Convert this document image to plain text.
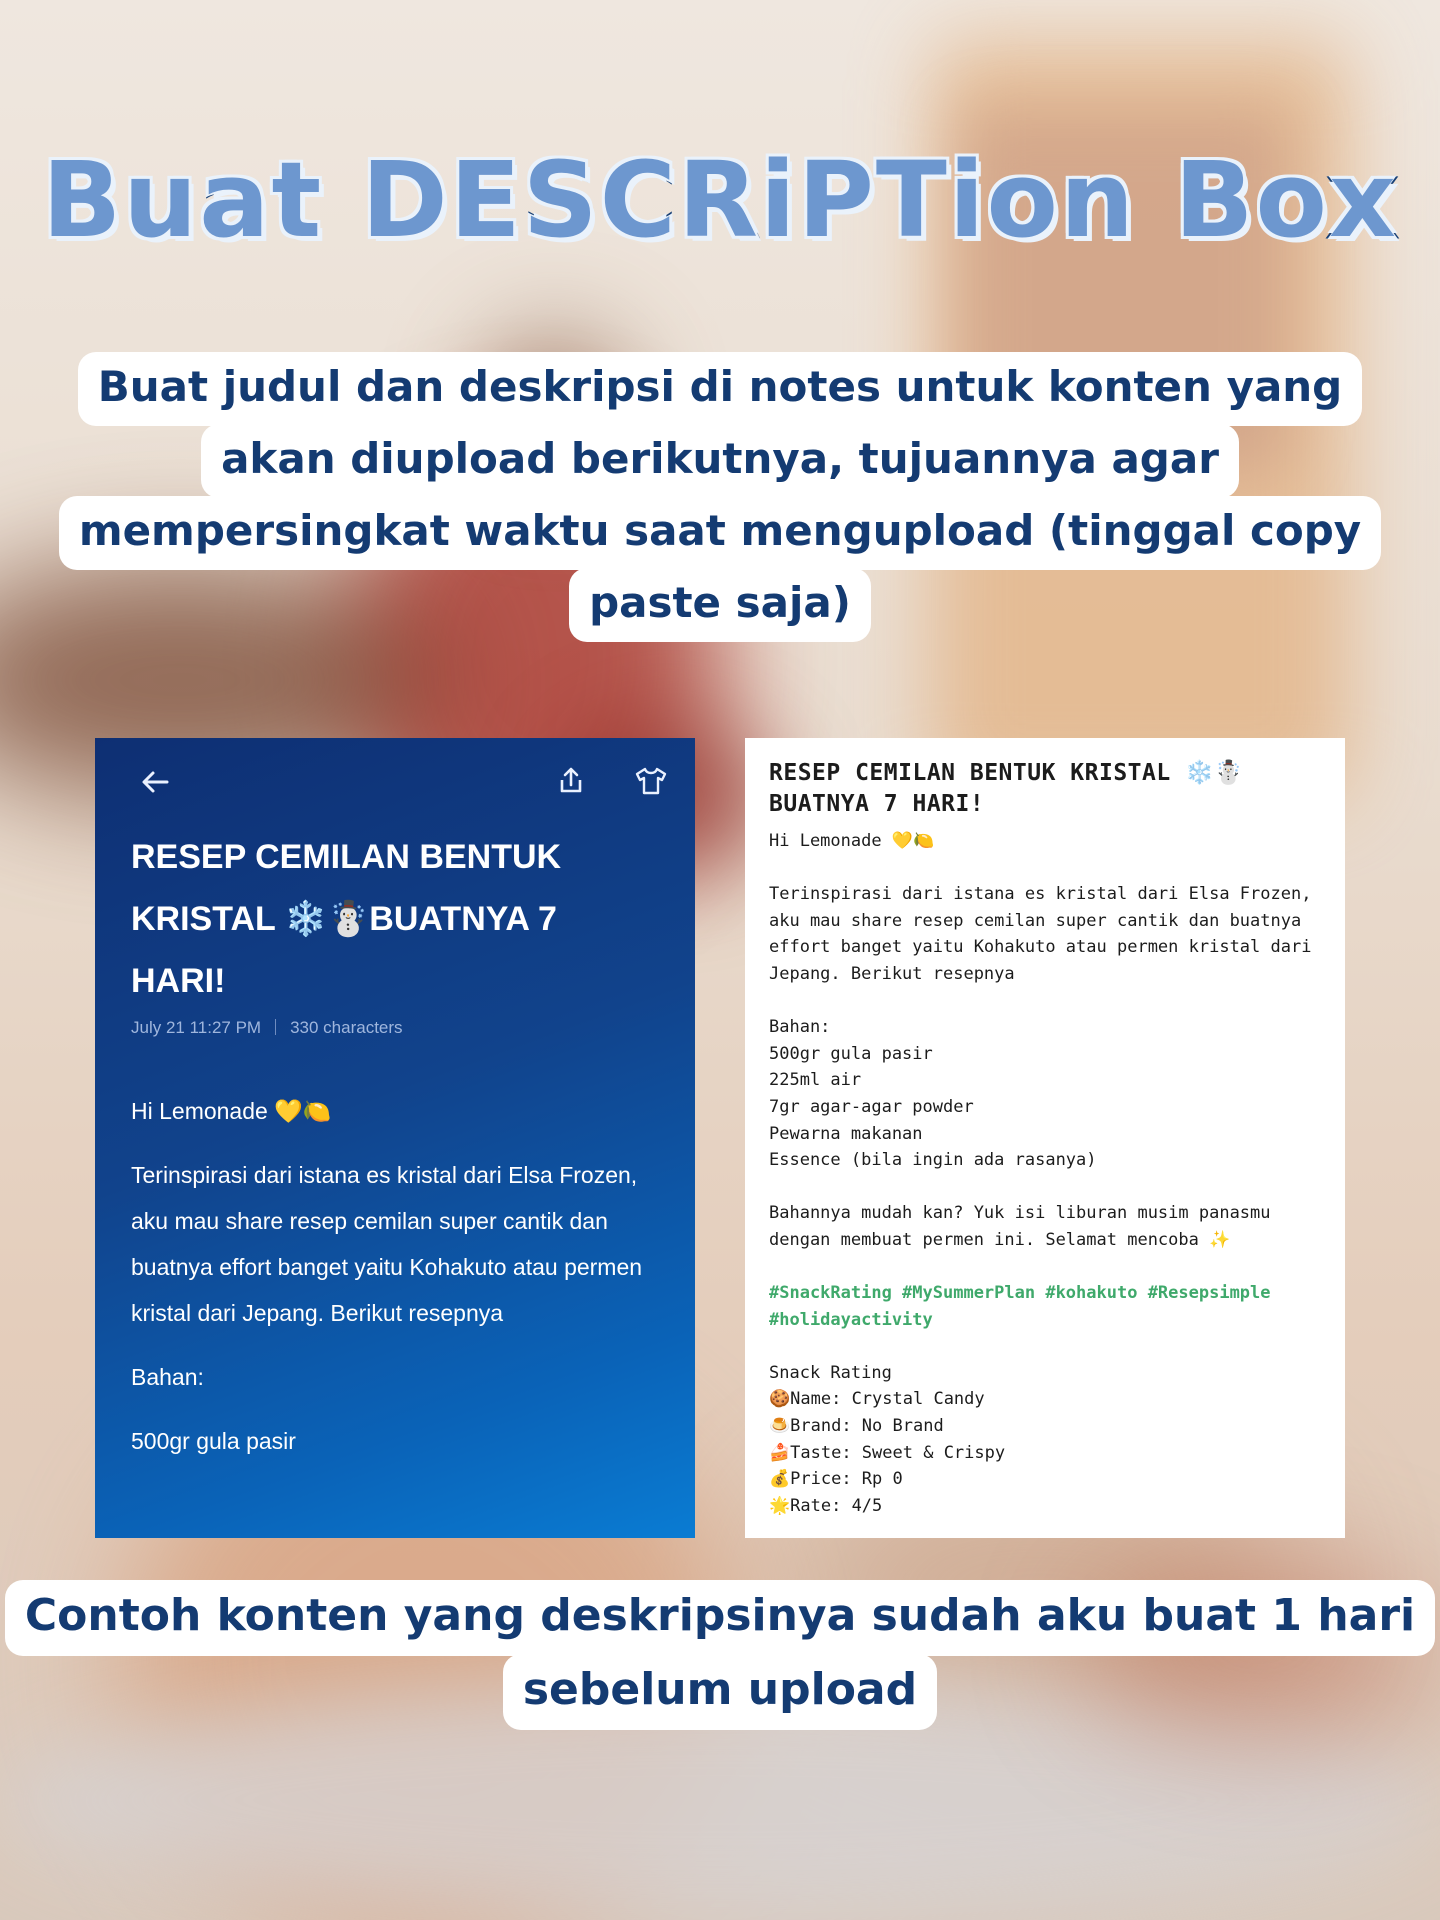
Buat DESCRiPTion Box
Buat judul dan deskripsi di notes untuk konten yang
akan diupload berikutnya, tujuannya agar
mempersingkat waktu saat mengupload (tinggal copy
paste saja)
RESEP CEMILAN BENTUK KRISTAL ❄️☃️BUATNYA 7 HARI!
July 21 11:27 PM 330 characters

Hi Lemonade 💛🍋

Terinspirasi dari istana es kristal dari Elsa Frozen, aku mau share resep cemilan super cantik dan buatnya effort banget yaitu Kohakuto atau permen kristal dari Jepang. Berikut resepnya

Bahan:

500gr gula pasir

RESEP CEMILAN BENTUK KRISTAL ❄️☃️BUATNYA 7 HARI!
Hi Lemonade 💛🍋

Terinspirasi dari istana es kristal dari Elsa Frozen, aku mau share resep cemilan super cantik dan buatnya effort banget yaitu Kohakuto atau permen kristal dari Jepang. Berikut resepnya

Bahan:
500gr gula pasir
225ml air
7gr agar-agar powder
Pewarna makanan
Essence (bila ingin ada rasanya)

Bahannya mudah kan? Yuk isi liburan musim panasmu dengan membuat permen ini. Selamat mencoba ✨

#SnackRating #MySummerPlan #kohakuto #Resepsimple #holidayactivity

Snack Rating
🍪Name: Crystal Candy
🍮Brand: No Brand
🍰Taste: Sweet & Crispy
💰Price: Rp 0
🌟Rate: 4/5
Contoh konten yang deskripsinya sudah aku buat 1 hari
sebelum upload
